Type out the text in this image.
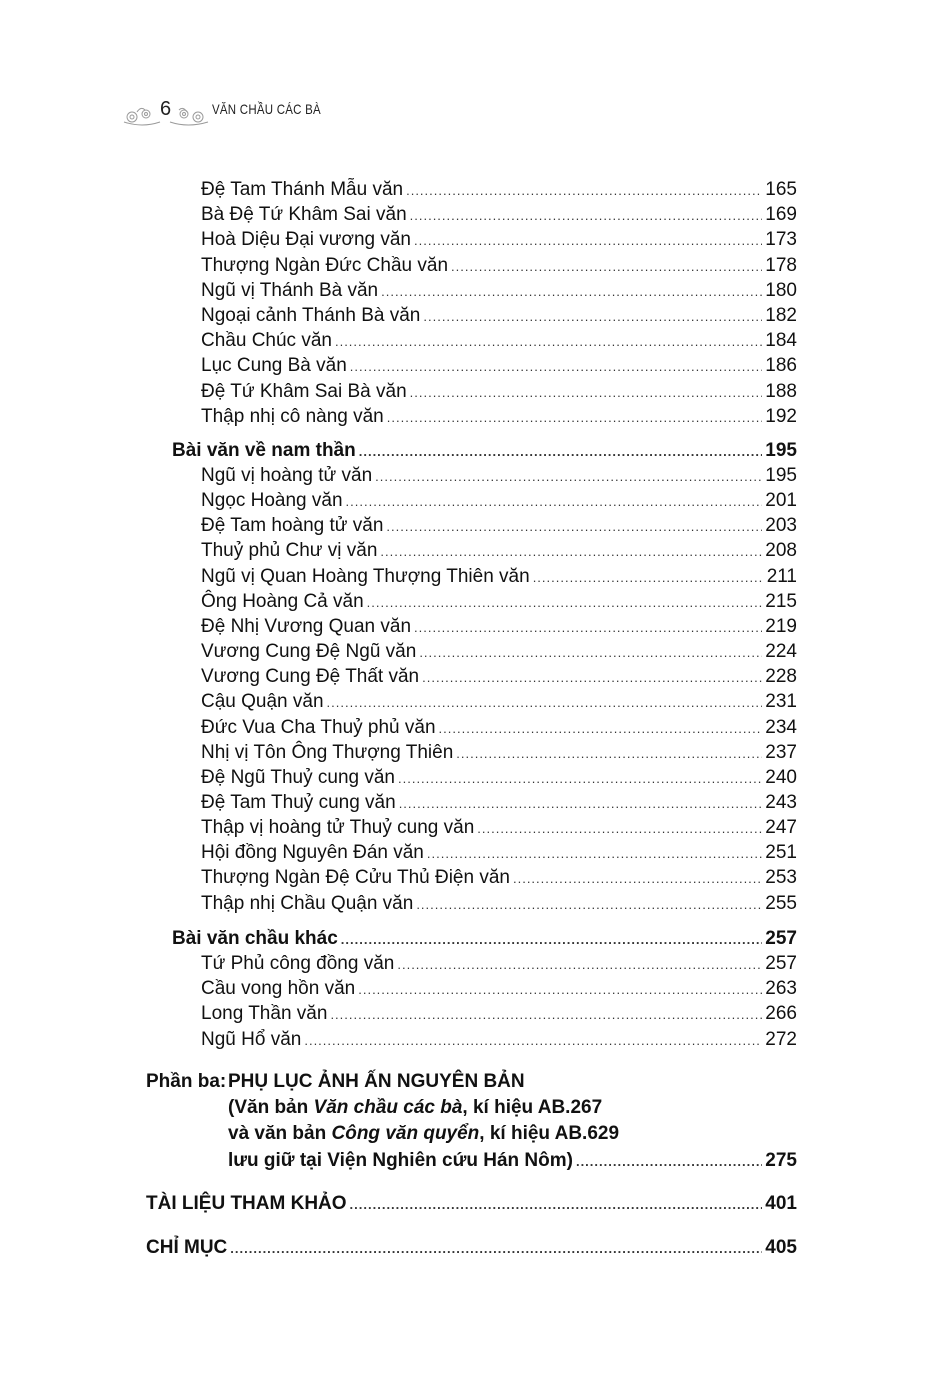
6	VĂN CHẦU CÁC BÀ
Đệ Tam Thánh Mẫu văn .....	165
Bà Đệ Tứ Khâm Sai văn .....	169
Hoà Diệu Đại vương văn .....	173
Thượng Ngàn Đức Chầu văn .....	178
Ngũ vị Thánh Bà văn .....	180
Ngoại cảnh Thánh Bà văn .....	182
Chầu Chúc văn .....	184
Lục Cung Bà văn .....	186
Đệ Tứ Khâm Sai Bà văn .....	188
Thập nhị cô nàng văn .....	192
Bài văn về nam thần .....	195
Ngũ vị hoàng tử văn .....	195
Ngọc Hoàng văn .....	201
Đệ Tam hoàng tử văn .....	203
Thuỷ phủ Chư vị văn .....	208
Ngũ vị Quan Hoàng Thượng Thiên văn .....	211
Ông Hoàng Cả văn .....	215
Đệ Nhị Vương Quan văn .....	219
Vương Cung Đệ Ngũ văn .....	224
Vương Cung Đệ Thất văn .....	228
Cậu Quận văn .....	231
Đức Vua Cha Thuỷ phủ văn .....	234
Nhị vị Tôn Ông Thượng Thiên .....	237
Đệ Ngũ Thuỷ cung văn .....	240
Đệ Tam Thuỷ cung văn .....	243
Thập vị hoàng tử Thuỷ cung văn .....	247
Hội đồng Nguyên Đán văn .....	251
Thượng Ngàn Đệ Cửu Thủ Điện văn .....	253
Thập nhị Chầu Quận văn .....	255
Bài văn chầu khác .....	257
Tứ Phủ công đồng văn .....	257
Cầu vong hồn văn .....	263
Long Thần văn .....	266
Ngũ Hổ văn .....	272
Phần ba: PHỤ LỤC ẢNH ẤN NGUYÊN BẢN
(Văn bản Văn chầu các bà, kí hiệu AB.267
và văn bản Công văn quyển, kí hiệu AB.629
lưu giữ tại Viện Nghiên cứu Hán Nôm) .....	275
TÀI LIỆU THAM KHẢO .....	401
CHỈ MỤC .....	405
